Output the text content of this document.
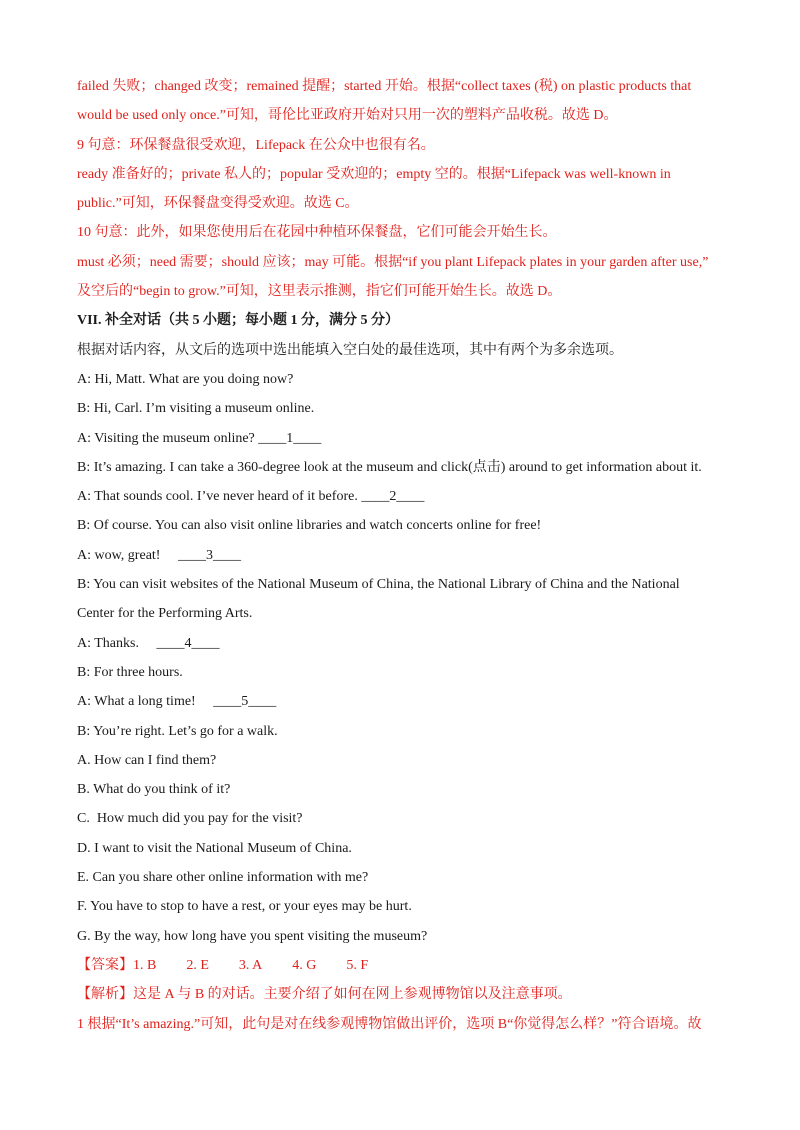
failed 失败；changed 改变；remained 提醒；started 开始。根据“collect taxes (税) on plastic products that
would be used only once.”可知，哥伦比亚政府开始对只用一次的塑料产品收税。故选 D。
9 句意：环保餐盘很受欢迎，Lifepack 在公众中也很有名。
ready 准备好的；private 私人的；popular 受欢迎的；empty 空的。根据“Lifepack was well-known in
public.”可知，环保餐盘变得受欢迎。故选 C。
10 句意：此外，如果您使用后在花园中种植环保餐盘，它们可能会开始生长。
must 必须；need 需要；should 应该；may 可能。根据“if you plant Lifepack plates in your garden after use,”
及空后的“begin to grow.”可知，这里表示推测，指它们可能开始生长。故选 D。
VII. 补全对话（共 5 小题；每小题 1 分，满分 5 分）
根据对话内容，从文后的选项中选出能填入空白处的最佳选项，其中有两个为多余选项。
A: Hi, Matt. What are you doing now?
B: Hi, Carl. I’m visiting a museum online.
A: Visiting the museum online? ____1____
B: It’s amazing. I can take a 360-degree look at the museum and click(点击) around to get information about it.
A: That sounds cool. I’ve never heard of it before. ____2____
B: Of course. You can also visit online libraries and watch concerts online for free!
A: wow, great!     ____3____
B: You can visit websites of the National Museum of China, the National Library of China and the National
Center for the Performing Arts.
A: Thanks.     ____4____
B: For three hours.
A: What a long time!     ____5____
B: You’re right. Let’s go for a walk.
A. How can I find them?
B. What do you think of it?
C.  How much did you pay for the visit?
D. I want to visit the National Museum of China.
E. Can you share other online information with me?
F. You have to stop to have a rest, or your eyes may be hurt.
G. By the way, how long have you spent visiting the museum?
【答案】1. B 2. E 3. A 4. G 5. F
【解析】这是 A 与 B 的对话。主要介绍了如何在网上参观博物馆以及注意事项。
1 根据“It’s amazing.”可知，此句是对在线参观博物馆做出评价，选项 B“你觉得怎么样？”符合语境。故
